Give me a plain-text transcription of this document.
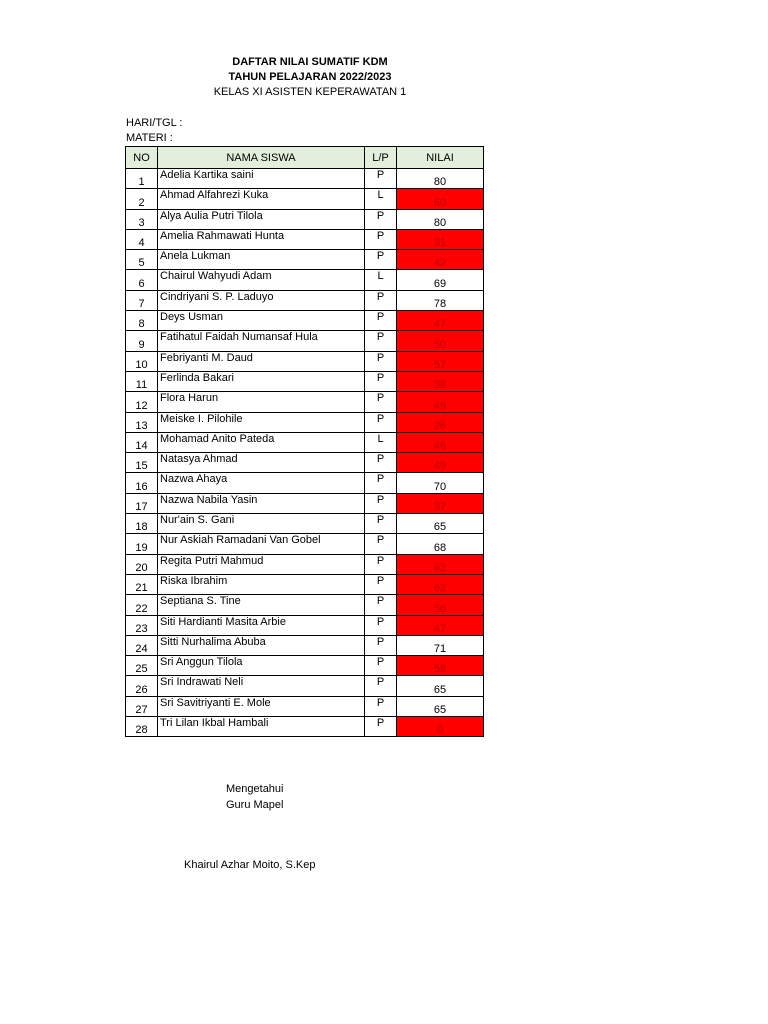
DAFTAR NILAI SUMATIF KDM
TAHUN PELAJARAN 2022/2023
KELAS XI ASISTEN KEPERAWATAN 1
HARI/TGL :
MATERI :
NO	NAMA SISWA	L/P	NILAI
1	Adelia Kartika saini	P	80
2	Ahmad Alfahrezi Kuka	L	60
3	Alya Aulia Putri Tilola	P	80
4	Amelia Rahmawati Hunta	P	31
5	Anela Lukman	P	42
6	Chairul Wahyudi Adam	L	69
7	Cindriyani S. P. Laduyo	P	78
8	Deys Usman	P	47
9	Fatihatul Faidah Numansaf Hula	P	50
10	Febriyanti M. Daud	P	57
11	Ferlinda Bakari	P	38
12	Flora Harun	P	49
13	Meiske I. Pilohile	P	26
14	Mohamad Anito Pateda	L	46
15	Natasya Ahmad	P	49
16	Nazwa Ahaya	P	70
17	Nazwa Nabila Yasin	P	37
18	Nur'ain S. Gani	P	65
19	Nur Askiah Ramadani Van Gobel	P	68
20	Regita Putri Mahmud	P	62
21	Riska Ibrahim	P	62
22	Septiana S. Tine	P	56
23	Siti Hardianti Masita Arbie	P	47
24	Sitti Nurhalima Abuba	P	71
25	Sri Anggun Tilola	P	58
26	Sri Indrawati Neli	P	65
27	Sri Savitriyanti E. Mole	P	65
28	Tri Lilan Ikbal Hambali	P	0
Mengetahui
Guru Mapel
Khairul Azhar Moito, S.Kep
